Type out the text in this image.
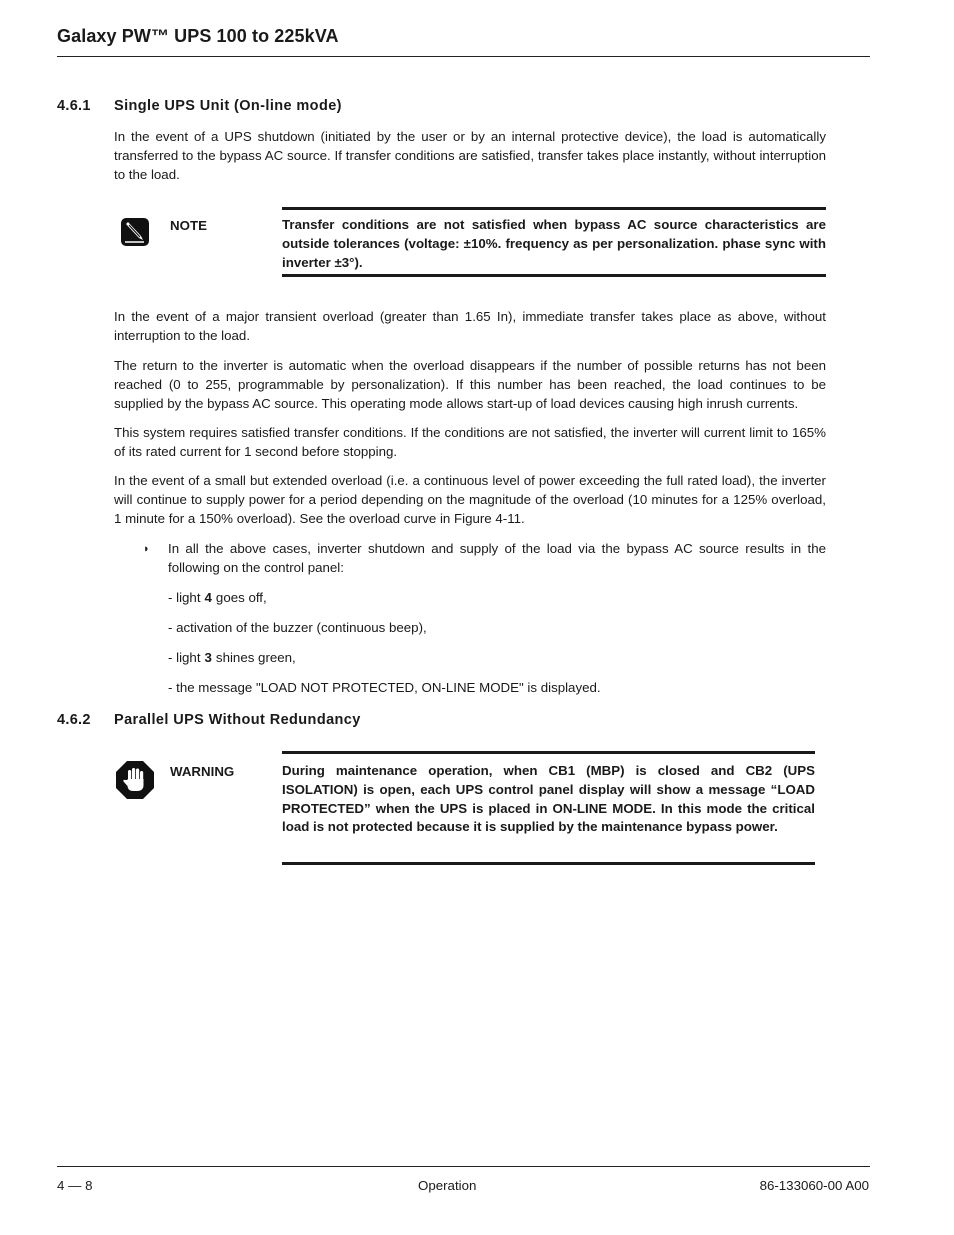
Galaxy PW™ UPS 100 to 225kVA
4.6.1 Single UPS Unit (On-line mode)
In the event of a UPS shutdown (initiated by the user or by an internal protective device), the load is automatically transferred to the bypass AC source. If transfer conditions are satisfied, transfer takes place instantly, without interruption to the load.
NOTE	Transfer conditions are not satisfied when bypass AC source characteristics are outside tolerances (voltage: ±10%. frequency as per personalization. phase sync with inverter ±3°).
In the event of a major transient overload (greater than 1.65 In), immediate transfer takes place as above, without interruption to the load.
The return to the inverter is automatic when the overload disappears if the number of possible returns has not been reached (0 to 255, programmable by personalization). If this number has been reached, the load continues to be supplied by the bypass AC source. This operating mode allows start-up of load devices causing high inrush currents.
This system requires satisfied transfer conditions. If the conditions are not satisfied, the inverter will current limit to 165% of its rated current for 1 second before stopping.
In the event of a small but extended overload (i.e. a continuous level of power exceeding the full rated load), the inverter will continue to supply power for a period depending on the magnitude of the overload (10 minutes for a 125% overload, 1 minute for a 150% overload). See the overload curve in Figure 4-11.
◗ In all the above cases, inverter shutdown and supply of the load via the bypass AC source results in the following on the control panel:
- light 4 goes off,
- activation of the buzzer (continuous beep),
- light 3 shines green,
- the message "LOAD NOT PROTECTED, ON-LINE MODE" is displayed.
4.6.2 Parallel UPS Without Redundancy
WARNING	During maintenance operation, when CB1 (MBP) is closed and CB2 (UPS ISOLATION) is open, each UPS control panel display will show a message “LOAD PROTECTED” when the UPS is placed in ON-LINE MODE. In this mode the critical load is not protected because it is supplied by the maintenance bypass power.
4 — 8	Operation	86-133060-00 A00
